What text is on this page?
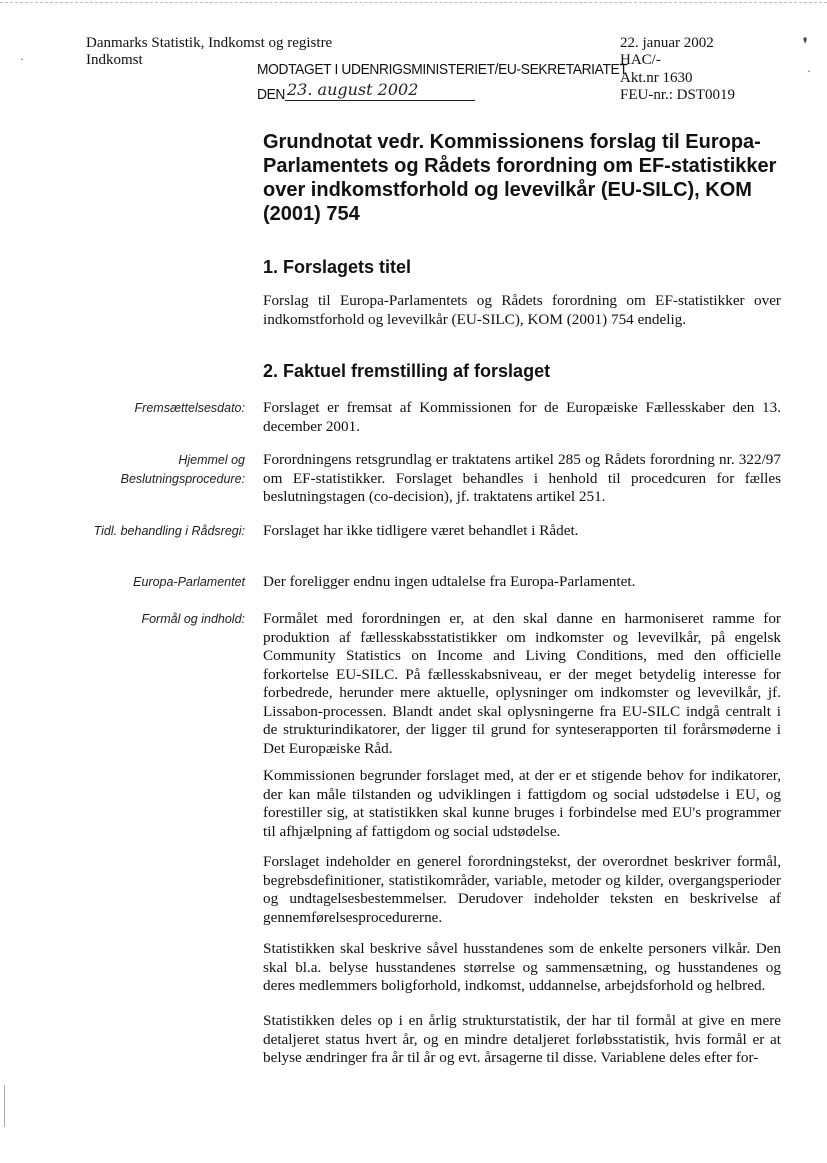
Danmarks Statistik, Indkomst og registre
Indkomst
MODTAGET I UDENRIGSMINISTERIET/EU-SEKRETARIATET
DEN 23. august 2002
22. januar 2002
HAC/-
Akt.nr 1630
FEU-nr.: DST0019
❜
·
·
Grundnotat vedr. Kommissionens forslag til Europa-Parlamentets og Rådets forordning om EF-statistikker over indkomstforhold og levevilkår (EU-SILC), KOM (2001) 754
1. Forslagets titel
Forslag til Europa-Parlamentets og Rådets forordning om EF-statistikker over indkomstforhold og levevilkår (EU-SILC), KOM (2001) 754 endelig.
2. Faktuel fremstilling af forslaget
Fremsættelsesdato: Forslaget er fremsat af Kommissionen for de Europæiske Fællesskaber den 13. december 2001.
Hjemmel og Beslutningsprocedure:
Forordningens retsgrundlag er traktatens artikel 285 og Rådets forordning nr. 322/97 om EF-statistikker. Forslaget behandles i henhold til procedcuren for fælles beslutningstagen (co-decision), jf. traktatens artikel 251.
Tidl. behandling i Rådsregi: Forslaget har ikke tidligere været behandlet i Rådet.
Europa-Parlamentet Der foreligger endnu ingen udtalelse fra Europa-Parlamentet.
Formål og indhold: Formålet med forordningen er, at den skal danne en harmoniseret ramme for produktion af fællesskabsstatistikker om indkomster og levevilkår, på engelsk Community Statistics on Income and Living Conditions, med den officielle forkortelse EU-SILC. På fællesskabsniveau, er der meget betydelig interesse for forbedrede, herunder mere aktuelle, oplysninger om indkomster og levevilkår, jf. Lissabon-processen. Blandt andet skal oplysningerne fra EU-SILC indgå centralt i de strukturindikatorer, der ligger til grund for synteserapporten til forårsmøderne i Det Europæiske Råd.
Kommissionen begrunder forslaget med, at der er et stigende behov for indikatorer, der kan måle tilstanden og udviklingen i fattigdom og social udstødelse i EU, og forestiller sig, at statistikken skal kunne bruges i forbindelse med EU's programmer til afhjælpning af fattigdom og social udstødelse.
Forslaget indeholder en generel forordningstekst, der overordnet beskriver formål, begrebsdefinitioner, statistikområder, variable, metoder og kilder, overgangsperioder og undtagelsesbestemmelser. Derudover indeholder teksten en beskrivelse af gennemførelsesprocedurerne.
Statistikken skal beskrive såvel husstandenes som de enkelte personers vilkår. Den skal bl.a. belyse husstandenes størrelse og sammensætning, og husstandenes og deres medlemmers boligforhold, indkomst, uddannelse, arbejdsforhold og helbred.
Statistikken deles op i en årlig strukturstatistik, der har til formål at give en mere detaljeret status hvert år, og en mindre detaljeret forløbsstatistik, hvis formål er at belyse ændringer fra år til år og evt. årsagerne til disse. Variablene deles efter for-
